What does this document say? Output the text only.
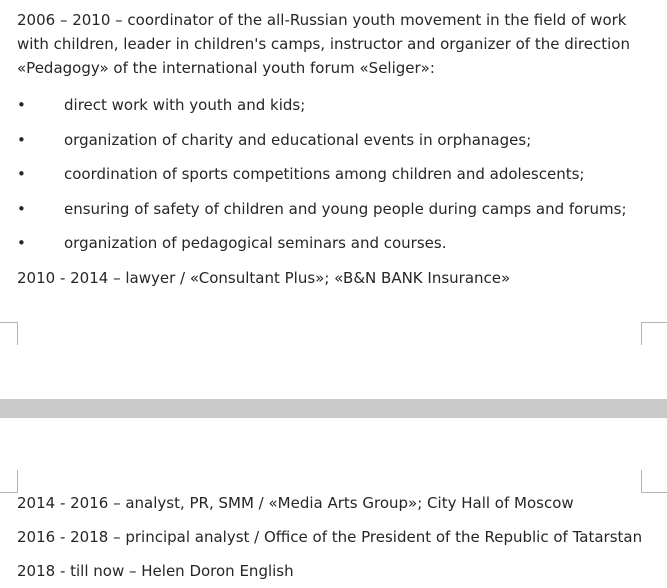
2006 – 2010 – coordinator of the all-Russian youth movement in the field of work
with children, leader in children's camps, instructor and organizer of the direction
«Pedagogy» of the international youth forum «Seliger»:
•	direct work with youth and kids;
•	organization of charity and educational events in orphanages;
•	coordination of sports competitions among children and adolescents;
•	ensuring of safety of children and young people during camps and forums;
•	organization of pedagogical seminars and courses.
2010 - 2014 – lawyer / «Consultant Plus»; «B&N BANK Insurance»
2014 - 2016 – analyst, PR, SMM / «Media Arts Group»; City Hall of Moscow
2016 - 2018 – principal analyst / Office of the President of the Republic of Tatarstan
2018 - till now – Helen Doron English
